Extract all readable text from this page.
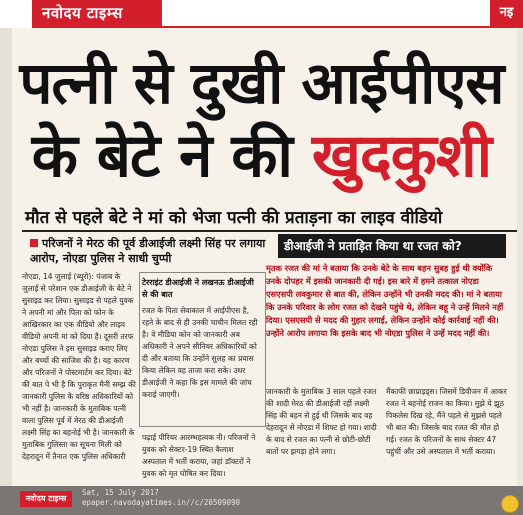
नवोदय टाइम्स	नइ
पत्नी से दुखी आईपीएस
के बेटे ने की खुदकुशी
मौत से पहले बेटे ने मां को भेजा पत्नी की प्रताड़ना का लाइव वीडियो
परिजनों ने मेरठ की पूर्व डीआईजी लक्ष्मी सिंह पर लगाया आरोप, नोएडा पुलिस ने साधी चुप्पी
डीआईजी ने प्रताड़ित किया था रजत को?
नोएडा, 14 जुलाई (ब्यूरो): पंजाब के जुलाई से परेशान एक डीआईजी के बेटे ने सुसाइड कर लिया। सुसाइड से पहले युवक ने अपनी मां और पिता को फोन के आखिरकार का एक वीडियो और लाइव वीडियो अपनी मां को दिया है। दूसरी तरफ नोएडा पुलिस ने इस सुसाइड कराए लिए और बच्चों की साजिश की है। यह कारण और परिजनों ने पोस्टमार्टम कर दिया। बेटे की बात पे भी है कि पुराकृत मैनी सम्झ की जानकारी पुलिस के वरिष्ठ अधिकारियों को भी नहीं है। जानकारी के मुताबिक पत्नी वाला पुलिस पूर्व में मेरठ की डीआईजी लक्ष्मी सिंह का बहनोई भी है। जानकारी के मुताबिक गुलिस्ता का सूचना मिली को देहरादून में तैनात एक पुलिस अधिकारी
टेरराइंट डीआईजी ने लखनऊ डीआईजी से की बात
रजत के पिता सेवाकाल में आईपीएस है, रहने के बाद से ही उनकी चाचीन मिलत रही है। वे मीडिया कोन को जानकारी अब अधिकारी ने अपने सीनियर अधिकारियों को दी और बताया कि उन्होंने सुलह का प्रयास किया लेकिन वह ताजा करा सके। उधर डीआईजी ने कहा कि इस मामले की जांच कराई जाएगी।
पढ़ाई पीरियर आरम्भहत्यक नी। परिजनों ने युवक को सेक्टर-19 स्थित कैलाश अस्पताल में भर्ती कराया, जहां डॉक्टरों ने युवक को मृत घोषित कर दिया।
मृतक रजत की मां ने बताया कि उनके बेटे के साथ बहन सुबह हुई थी क्योंकि उनके दोपहर में इसकी जानकारी दी गई। इस बारे में हमने तत्काल नोएडा एसएसपी लवकुमार से बात की, लेकिन उन्होंने भी उनकी मदद की। मां ने बताया कि उनके परिवार के लोग रजत को देखने पहुंचे थे, लेकिन बहू ने उन्हें मिलने नहीं दिया। एसएसपी से मदद की गुहार लगाई, लेकिन उन्होंने कोई कार्रवाई नहीं की। उन्होंने आरोप लगाया कि इसके बाद भी नोएडा पुलिस ने उन्हें मदद नहीं की।
जानकारी के मुताबिक 3 साल पहले रजत की शादी मेरठ की डीआईजी रहीं लक्ष्मी सिंह की बहन से हुई थी जिसके बाद वह देहरादून से नोएडा में शिफ्ट हो गया। शादी के बाद से रजत का पत्नी से छोटी-छोटी बातों पर झगड़ा होने लगा।
मैंकाफी छाप्राइड्स। जिसमें डिवीजन में आकर रजत ने बहनोई राजन का किया। मुझे ये झूठ पिकलेस दिख रहे, मैंने पहले से मुझसे पहले भी बात की। जिसके बाद रजत की मौत हो गई। रजत के परिजनों के साथ सेक्टर 47 पहुंचीं और उसे अस्पताल में भर्ती कराया।
नवोदय टाइम्स
Sat, 15 July 2017
epaper.navodayatimes.in//c/20509090
